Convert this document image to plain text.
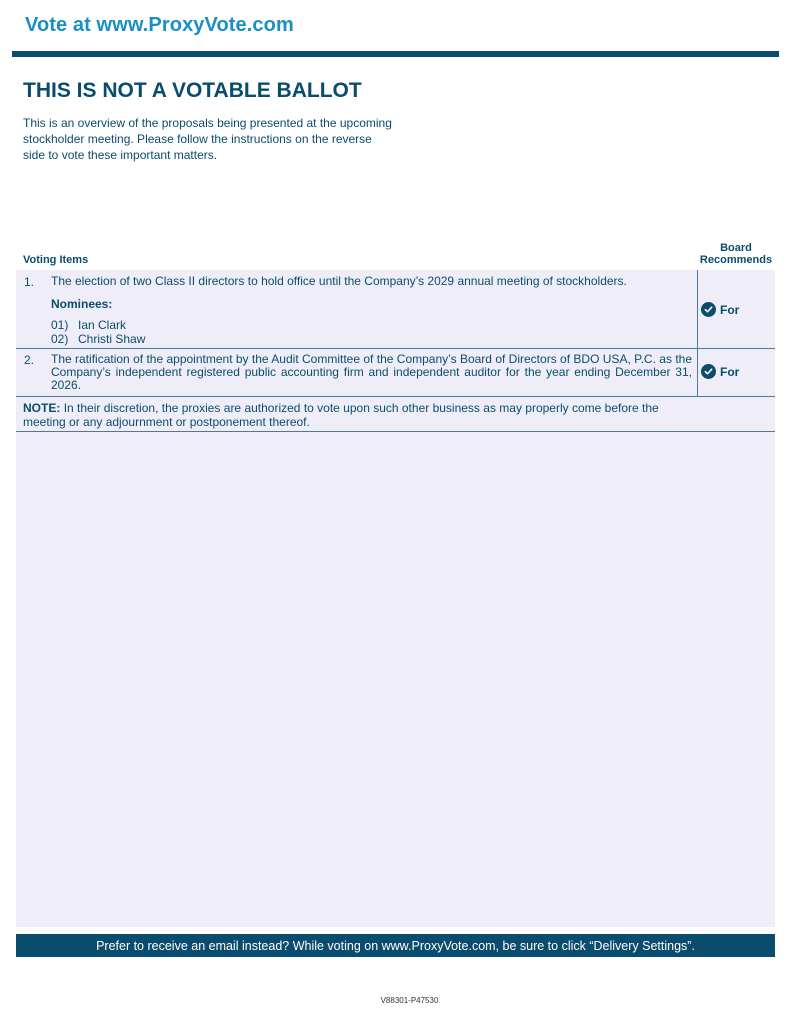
Vote at www.ProxyVote.com
THIS IS NOT A VOTABLE BALLOT
This is an overview of the proposals being presented at the upcoming stockholder meeting. Please follow the instructions on the reverse side to vote these important matters.
Voting Items
Board
Recommends
1. The election of two Class II directors to hold office until the Company’s 2029 annual meeting of stockholders.
Nominees:
01) Ian Clark
02) Christi Shaw
For
2. The ratification of the appointment by the Audit Committee of the Company’s Board of Directors of BDO USA, P.C. as the Company’s independent registered public accounting firm and independent auditor for the year ending December 31, 2026.
For
NOTE: In their discretion, the proxies are authorized to vote upon such other business as may properly come before the meeting or any adjournment or postponement thereof.
Prefer to receive an email instead? While voting on www.ProxyVote.com, be sure to click “Delivery Settings”.
V88301-P47530
